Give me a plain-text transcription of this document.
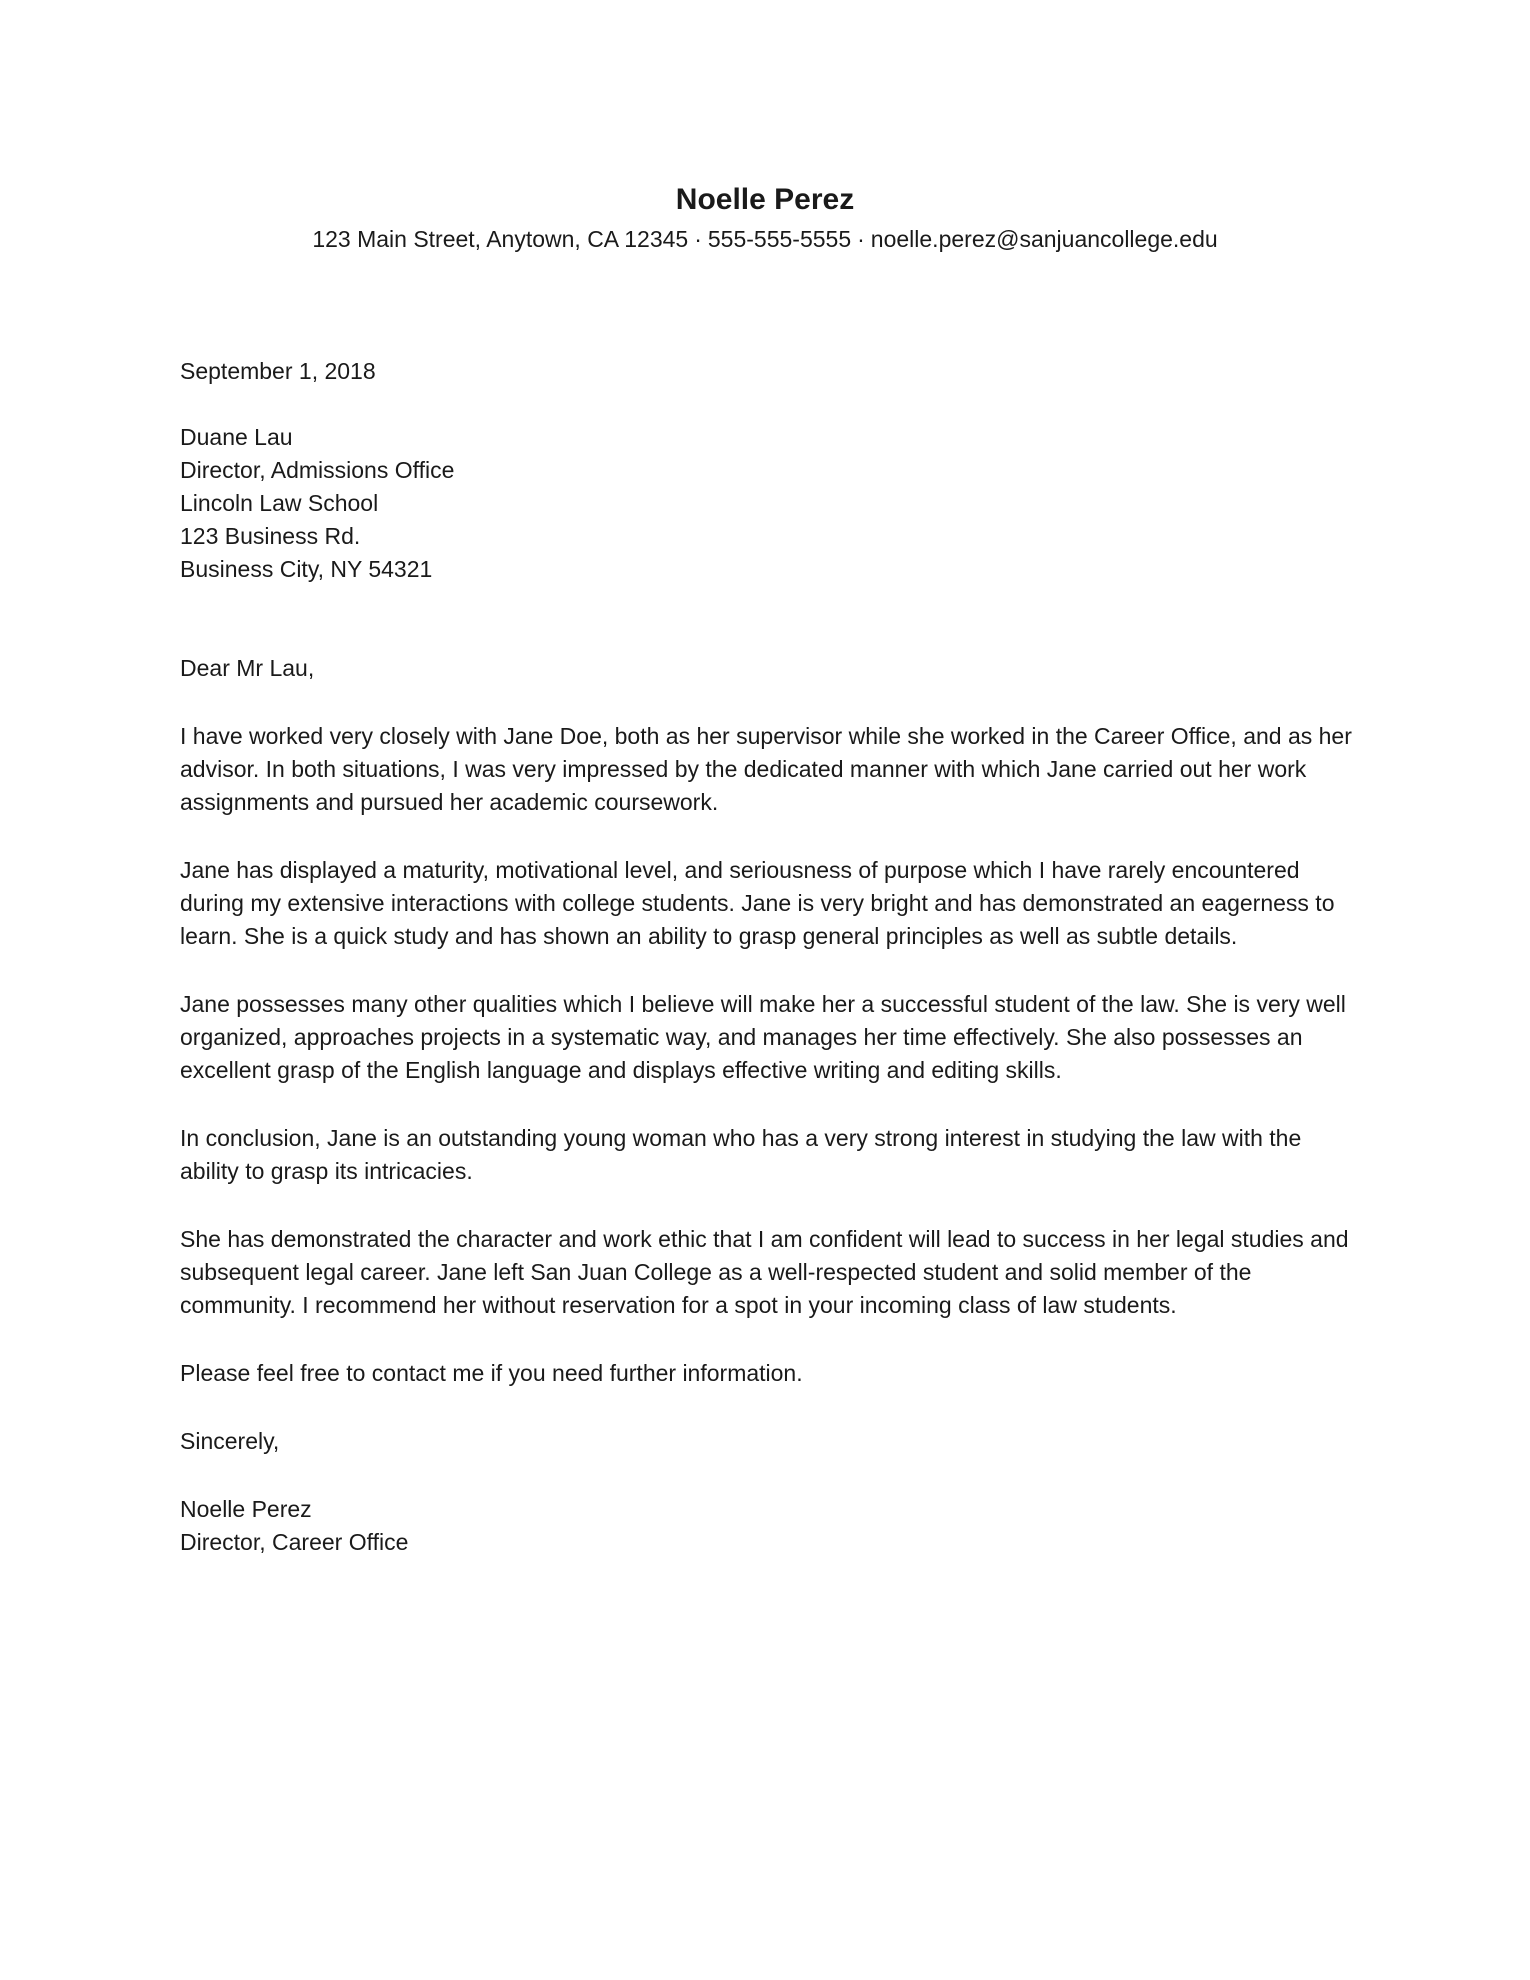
Noelle Perez
123 Main Street, Anytown, CA 12345 · 555-555-5555 · noelle.perez@sanjuancollege.edu
September 1, 2018
Duane Lau
Director, Admissions Office
Lincoln Law School
123 Business Rd.
Business City, NY 54321
Dear Mr Lau,
I have worked very closely with Jane Doe, both as her supervisor while she worked in the Career Office, and as her advisor. In both situations, I was very impressed by the dedicated manner with which Jane carried out her work assignments and pursued her academic coursework.
Jane has displayed a maturity, motivational level, and seriousness of purpose which I have rarely encountered during my extensive interactions with college students. Jane is very bright and has demonstrated an eagerness to learn. She is a quick study and has shown an ability to grasp general principles as well as subtle details.
Jane possesses many other qualities which I believe will make her a successful student of the law. She is very well organized, approaches projects in a systematic way, and manages her time effectively. She also possesses an excellent grasp of the English language and displays effective writing and editing skills.
In conclusion, Jane is an outstanding young woman who has a very strong interest in studying the law with the ability to grasp its intricacies.
She has demonstrated the character and work ethic that I am confident will lead to success in her legal studies and subsequent legal career. Jane left San Juan College as a well-respected student and solid member of the community. I recommend her without reservation for a spot in your incoming class of law students.
Please feel free to contact me if you need further information.
Sincerely,
Noelle Perez
Director, Career Office
